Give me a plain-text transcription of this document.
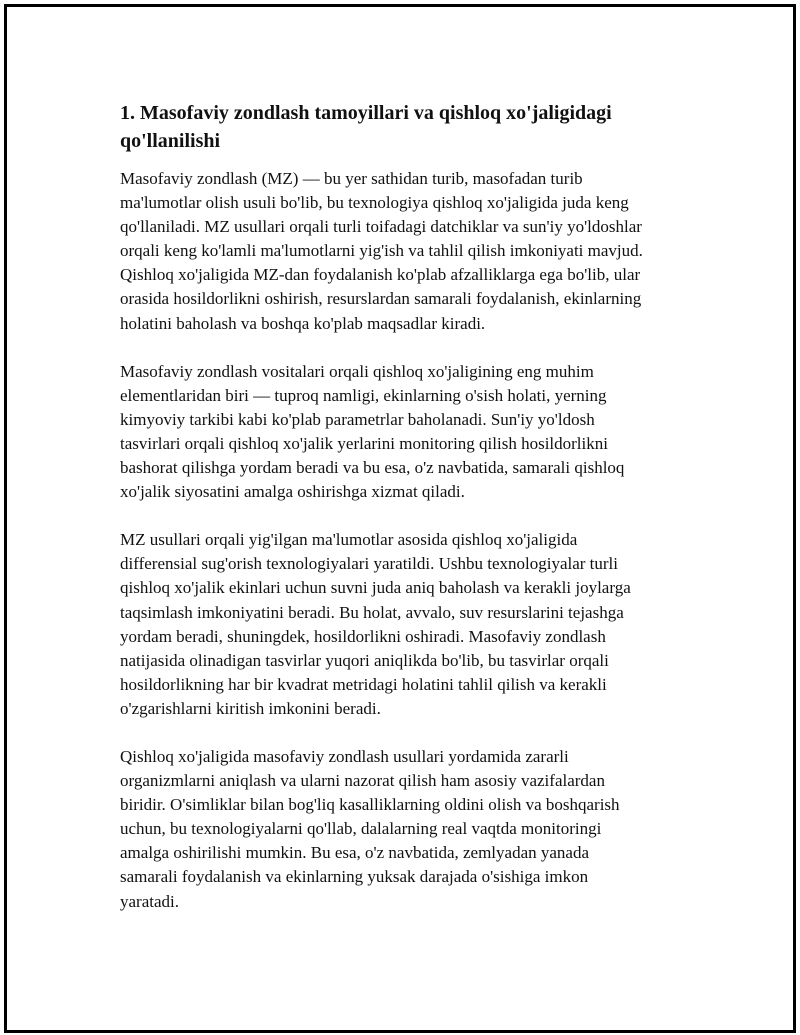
1. Masofaviy zondlash tamoyillari va qishloq xo'jaligidagi
qo'llanilishi

Masofaviy zondlash (MZ) — bu yer sathidan turib, masofadan turib
ma'lumotlar olish usuli bo'lib, bu texnologiya qishloq xo'jaligida juda keng
qo'llaniladi. MZ usullari orqali turli toifadagi datchiklar va sun'iy yo'ldoshlar
orqali keng ko'lamli ma'lumotlarni yig'ish va tahlil qilish imkoniyati mavjud.
Qishloq xo'jaligida MZ-dan foydalanish ko'plab afzalliklarga ega bo'lib, ular
orasida hosildorlikni oshirish, resurslardan samarali foydalanish, ekinlarning
holatini baholash va boshqa ko'plab maqsadlar kiradi.

Masofaviy zondlash vositalari orqali qishloq xo'jaligining eng muhim
elementlaridan biri — tuproq namligi, ekinlarning o'sish holati, yerning
kimyoviy tarkibi kabi ko'plab parametrlar baholanadi. Sun'iy yo'ldosh
tasvirlari orqali qishloq xo'jalik yerlarini monitoring qilish hosildorlikni
bashorat qilishga yordam beradi va bu esa, o'z navbatida, samarali qishloq
xo'jalik siyosatini amalga oshirishga xizmat qiladi.

MZ usullari orqali yig'ilgan ma'lumotlar asosida qishloq xo'jaligida
differensial sug'orish texnologiyalari yaratildi. Ushbu texnologiyalar turli
qishloq xo'jalik ekinlari uchun suvni juda aniq baholash va kerakli joylarga
taqsimlash imkoniyatini beradi. Bu holat, avvalo, suv resurslarini tejashga
yordam beradi, shuningdek, hosildorlikni oshiradi. Masofaviy zondlash
natijasida olinadigan tasvirlar yuqori aniqlikda bo'lib, bu tasvirlar orqali
hosildorlikning har bir kvadrat metridagi holatini tahlil qilish va kerakli
o'zgarishlarni kiritish imkonini beradi.

Qishloq xo'jaligida masofaviy zondlash usullari yordamida zararli
organizmlarni aniqlash va ularni nazorat qilish ham asosiy vazifalardan
biridir. O'simliklar bilan bog'liq kasalliklarning oldini olish va boshqarish
uchun, bu texnologiyalarni qo'llab, dalalarning real vaqtda monitoringi
amalga oshirilishi mumkin. Bu esa, o'z navbatida, zemlyadan yanada
samarali foydalanish va ekinlarning yuksak darajada o'sishiga imkon
yaratadi.
